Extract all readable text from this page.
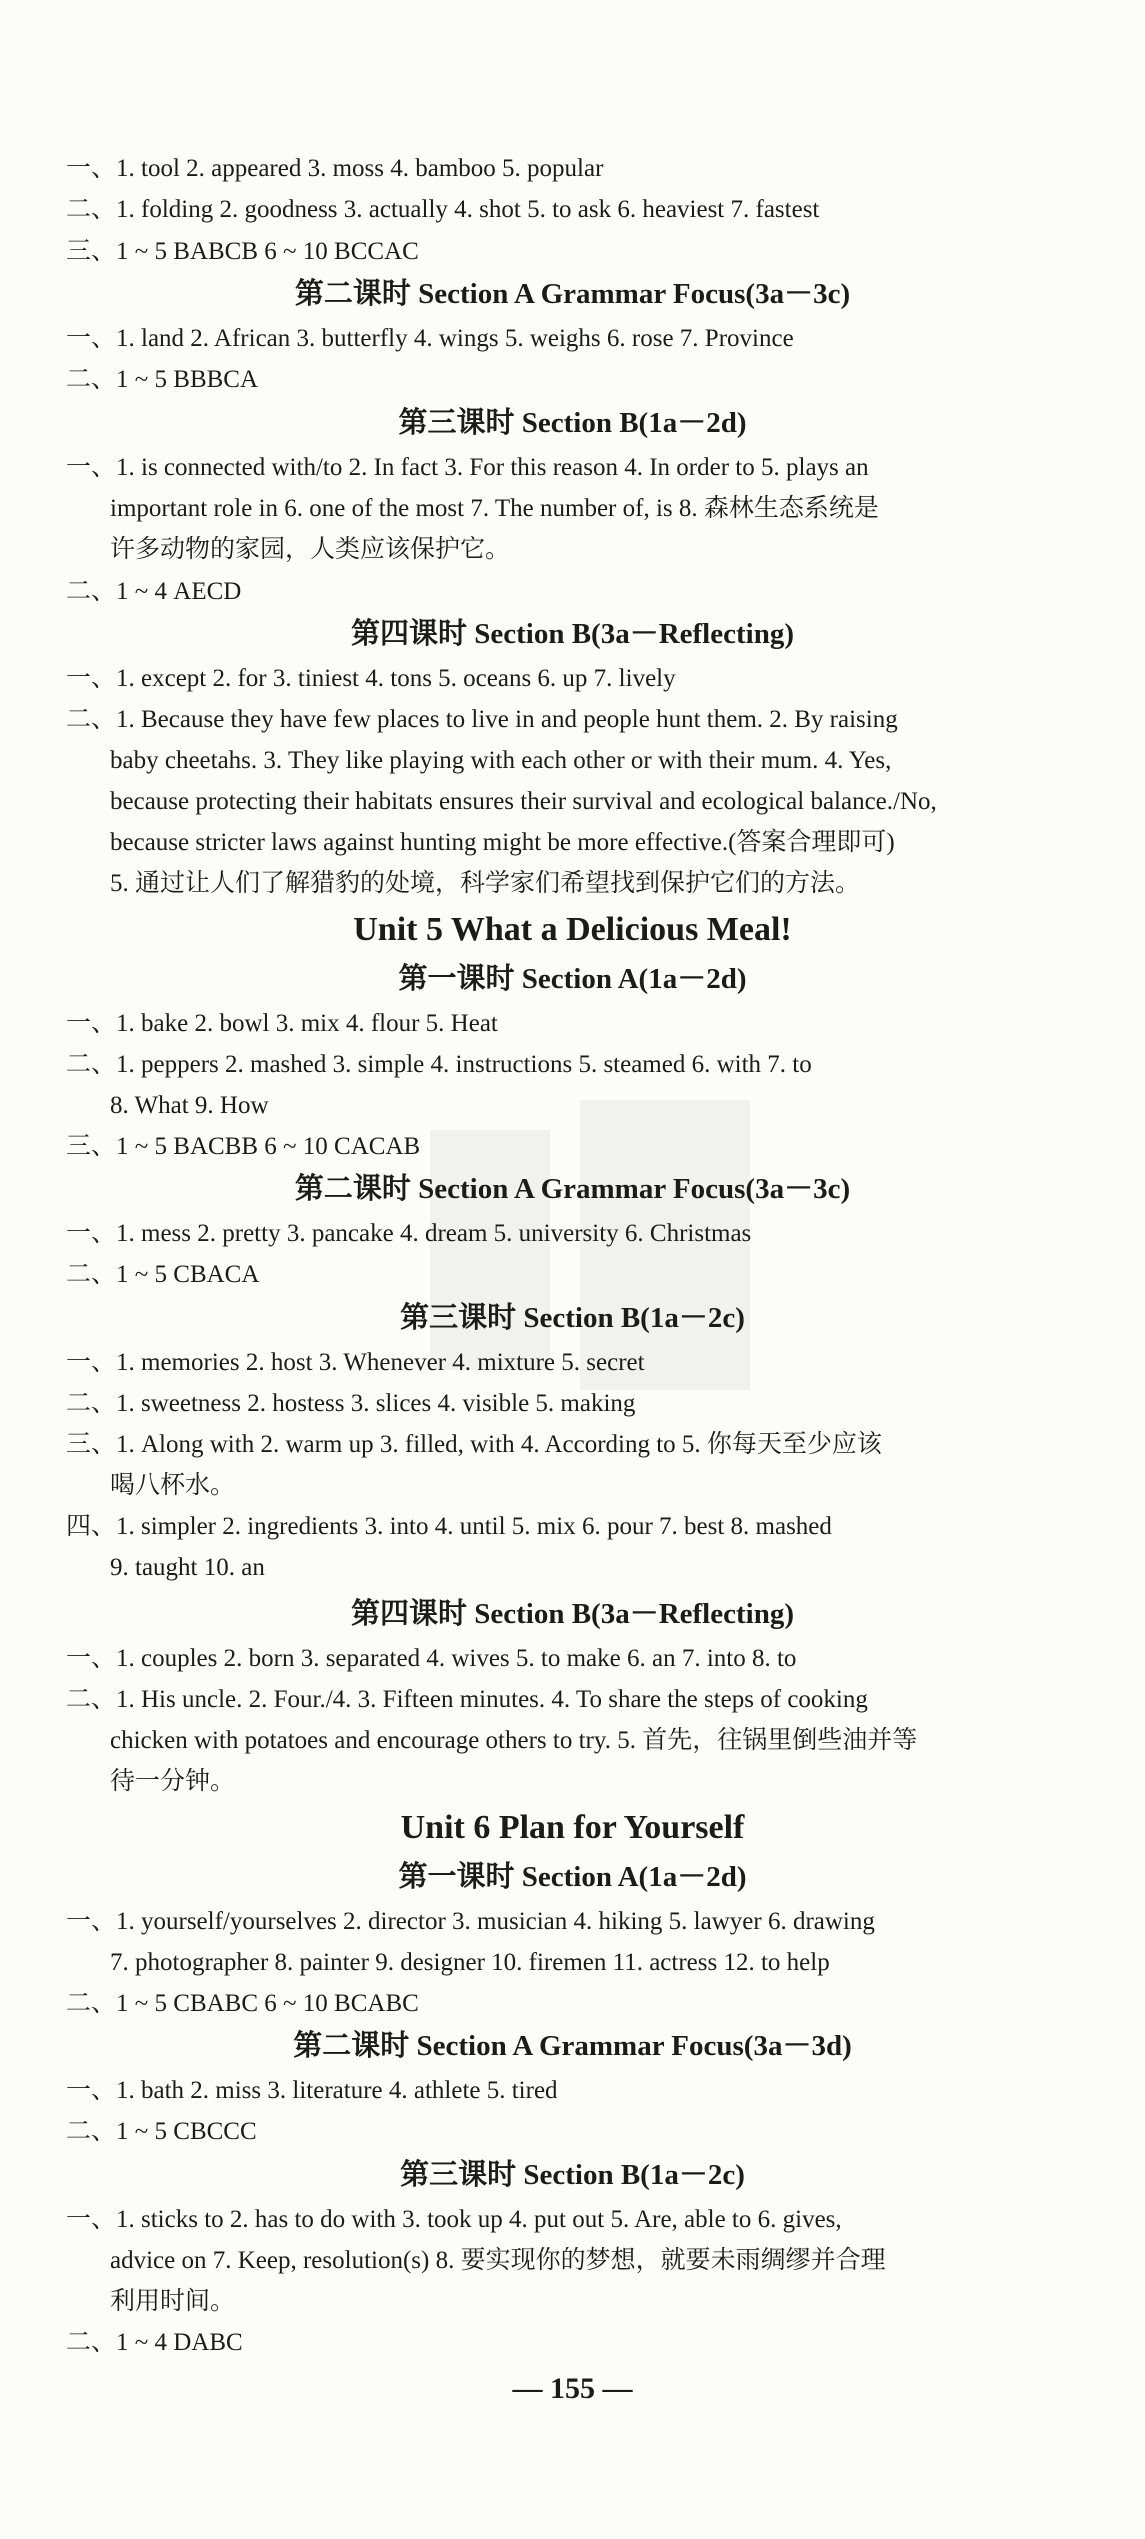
一、1. tool 2. appeared 3. moss 4. bamboo 5. popular
二、1. folding 2. goodness 3. actually 4. shot 5. to ask 6. heaviest 7. fastest
三、1 ~ 5 BABCB 6 ~ 10 BCCAC
第二课时 Section A Grammar Focus(3a－3c)
一、1. land 2. African 3. butterfly 4. wings 5. weighs 6. rose 7. Province
二、1 ~ 5 BBBCA
第三课时 Section B(1a－2d)
一、1. is connected with/to 2. In fact 3. For this reason 4. In order to 5. plays an
important role in 6. one of the most 7. The number of, is 8. 森林生态系统是
许多动物的家园，人类应该保护它。
二、1 ~ 4 AECD
第四课时 Section B(3a－Reflecting)
一、1. except 2. for 3. tiniest 4. tons 5. oceans 6. up 7. lively
二、1. Because they have few places to live in and people hunt them. 2. By raising
baby cheetahs. 3. They like playing with each other or with their mum. 4. Yes,
because protecting their habitats ensures their survival and ecological balance./No,
because stricter laws against hunting might be more effective.(答案合理即可)
5. 通过让人们了解猎豹的处境，科学家们希望找到保护它们的方法。
Unit 5 What a Delicious Meal!
第一课时 Section A(1a－2d)
一、1. bake 2. bowl 3. mix 4. flour 5. Heat
二、1. peppers 2. mashed 3. simple 4. instructions 5. steamed 6. with 7. to
8. What 9. How
三、1 ~ 5 BACBB 6 ~ 10 CACAB
第二课时 Section A Grammar Focus(3a－3c)
一、1. mess 2. pretty 3. pancake 4. dream 5. university 6. Christmas
二、1 ~ 5 CBACA
第三课时 Section B(1a－2c)
一、1. memories 2. host 3. Whenever 4. mixture 5. secret
二、1. sweetness 2. hostess 3. slices 4. visible 5. making
三、1. Along with 2. warm up 3. filled, with 4. According to 5. 你每天至少应该
喝八杯水。
四、1. simpler 2. ingredients 3. into 4. until 5. mix 6. pour 7. best 8. mashed
9. taught 10. an
第四课时 Section B(3a－Reflecting)
一、1. couples 2. born 3. separated 4. wives 5. to make 6. an 7. into 8. to
二、1. His uncle. 2. Four./4. 3. Fifteen minutes. 4. To share the steps of cooking
chicken with potatoes and encourage others to try. 5. 首先，往锅里倒些油并等
待一分钟。
Unit 6 Plan for Yourself
第一课时 Section A(1a－2d)
一、1. yourself/yourselves 2. director 3. musician 4. hiking 5. lawyer 6. drawing
7. photographer 8. painter 9. designer 10. firemen 11. actress 12. to help
二、1 ~ 5 CBABC 6 ~ 10 BCABC
第二课时 Section A Grammar Focus(3a－3d)
一、1. bath 2. miss 3. literature 4. athlete 5. tired
二、1 ~ 5 CBCCC
第三课时 Section B(1a－2c)
一、1. sticks to 2. has to do with 3. took up 4. put out 5. Are, able to 6. gives,
advice on 7. Keep, resolution(s) 8. 要实现你的梦想，就要未雨绸缪并合理
利用时间。
二、1 ~ 4 DABC
— 155 —
